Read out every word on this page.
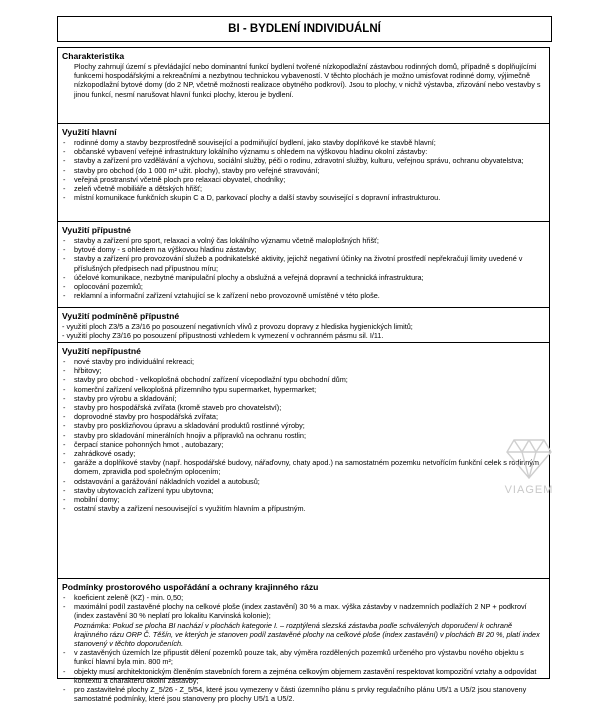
BI - BYDLENÍ INDIVIDUÁLNÍ
Charakteristika
Plochy zahrnují území s převládající nebo dominantní funkcí bydlení tvořené nízkopodlažní zástavbou rodinných domů, případně s doplňujícími funkcemi hospodářskými a rekreačními a nezbytnou technickou vybaveností. V těchto plochách je možno umisťovat rodinné domy, výjimečně nízkopodlažní bytové domy (do 2 NP, včetně možnosti realizace obytného podkroví). Jsou to plochy, v nichž výstavba, zřizování nebo vestavby s jinou funkcí, nesmí narušovat hlavní funkci plochy, kterou je bydlení.
Využití hlavní
- rodinné domy a stavby bezprostředně související a podmiňující bydlení, jako stavby doplňkové ke stavbě hlavní;
- občanské vybavení veřejné infrastruktury lokálního významu s ohledem na výškovou hladinu okolní zástavby:
- stavby a zařízení pro vzdělávání a výchovu, sociální služby, péči o rodinu, zdravotní služby, kulturu, veřejnou správu, ochranu obyvatelstva;
- stavby pro obchod (do 1 000 m² užit. plochy), stavby pro veřejné stravování;
- veřejná prostranství včetně ploch pro relaxaci obyvatel, chodníky;
- zeleň včetně mobiliáře a dětských hřišť;
- místní komunikace funkčních skupin C a D, parkovací plochy a další stavby související s dopravní infrastrukturou.
Využití přípustné
- stavby a zařízení pro sport, relaxaci a volný čas lokálního významu včetně maloplošných hřišť;
- bytové domy - s ohledem na výškovou hladinu zástavby;
- stavby a zařízení pro provozování služeb a podnikatelské aktivity, jejichž negativní účinky na životní prostředí nepřekračují limity uvedené v příslušných předpisech nad přípustnou míru;
- účelové komunikace, nezbytné manipulační plochy a obslužná a veřejná dopravní a technická infrastruktura;
- oplocování pozemků;
- reklamní a informační zařízení vztahující se k zařízení nebo provozovně umístěné v této ploše.
Využití podmíněně přípustné
- využití ploch Z3/5 a Z3/16 po posouzení negativních vlivů z provozu dopravy z hlediska hygienických limitů;
- využití plochy Z3/16 po posouzení přípustnosti vzhledem k vymezení v ochranném pásmu sil. I/11.
Využití nepřípustné
- nové stavby pro individuální rekreaci;
- hřbitovy;
- stavby pro obchod - velkoplošná obchodní zařízení vícepodlažní typu obchodní dům;
- komerční zařízení velkoplošná přízemního typu supermarket, hypermarket;
- stavby pro výrobu a skladování;
- stavby pro hospodářská zvířata (kromě staveb pro chovatelství);
- doprovodné stavby pro hospodářská zvířata;
- stavby pro posklizňovou úpravu a skladování produktů rostlinné výroby;
- stavby pro skladování minerálních hnojiv a přípravků na ochranu rostlin;
- čerpací stanice pohonných hmot , autobazary;
- zahrádkové osady;
- garáže a doplňkové stavby (např. hospodářské budovy, nářaďovny, chaty apod.) na samostatném pozemku netvořícím funkční celek s rodinným domem, zpravidla pod společným oplocením;
- odstavování a garážování nákladních vozidel a autobusů;
- stavby ubytovacích zařízení typu ubytovna;
- mobilní domy;
- ostatní stavby a zařízení nesouvisející s využitím hlavním a přípustným.
Podmínky prostorového uspořádání a ochrany krajinného rázu
- koeficient zeleně (KZ) - min. 0,50;
- maximální podíl zastavěné plochy na celkové ploše (index zastavění) 30 % a max. výška zástavby v nadzemních podlažích 2 NP + podkroví (index zastavění 30 % neplatí pro lokalitu Karvinská kolonie);
Poznámka: Pokud se plocha BI nachází v plochách kategorie I. – rozptýlená slezská zástavba podle schválených doporučení k ochraně krajinného rázu ORP Č. Těšín, ve kterých je stanoven podíl zastavěné plochy na celkové ploše (index zastavění) v plochách BI 20 %, platí index stanovený v těchto doporučeních.
- v zastavěných územích lze připustit dělení pozemků pouze tak, aby výměra rozdělených pozemků určeného pro výstavbu nového objektu s funkcí hlavní byla min. 800 m²;
- objekty musí architektonickým členěním stavebních forem a zejména celkovým objemem zastavění respektovat kompoziční vztahy a odpovídat kontextu a charakteru okolní zástavby;
- pro zastavitelné plochy Z_5/26 - Z_5/54, které jsou vymezeny v části územního plánu s prvky regulačního plánu U5/1 a U5/2 jsou stanoveny samostatné podmínky, které jsou stanoveny pro plochy U5/1 a U5/2.
VIAGEM
